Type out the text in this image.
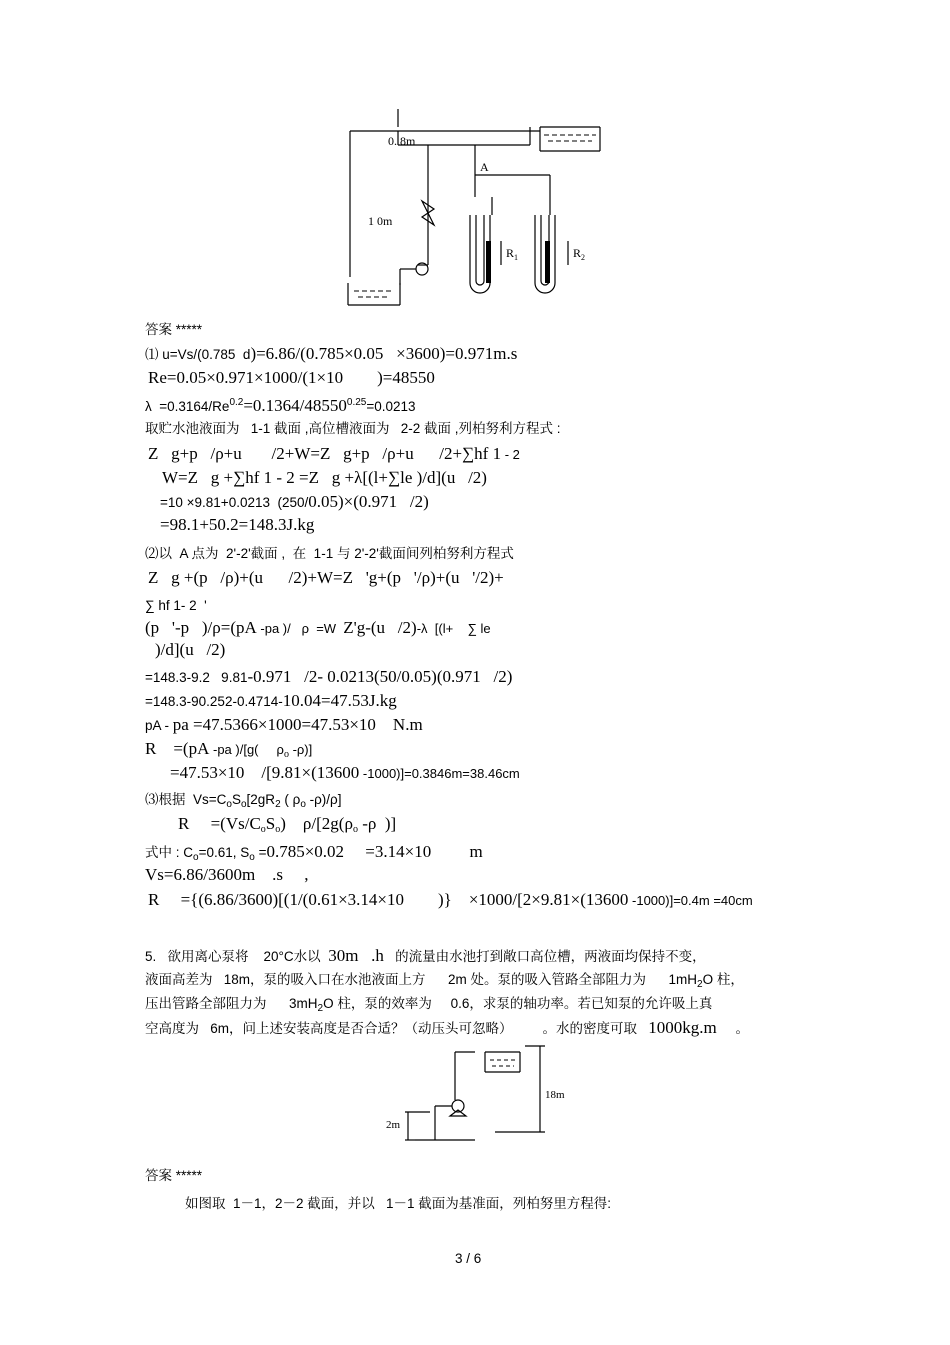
0. 8m
1 0m
A
$R_1$	$R_2$
答案 *****
⑴ u=Vs/(0.785  d)=6.86/(0.785×0.05   ×3600)=0.971m.s
Re=0.05×0.971×1000/(1×10        )=48550
$\lambda =0.3164/Re^{0.2}=0.1364/48550^{0.25}=0.0213$
取贮水池液面为   1-1 截面 ,高位槽液面为   2-2 截面 ,列柏努利方程式 :
Z   g+p   /ρ+u       /2+W=Z   g+p   /ρ+u      /2+∑hf 1 - 2
W=Z   g +∑hf 1 - 2 =Z   g +λ[(l+∑le )/d](u   /2)
=10 ×9.81+0.0213  (250/0.05)×(0.971   /2)
=98.1+50.2=148.3J.kg
⑵以  A 点为  2'-2'截面 ,  在  1-1 与 2'-2'截面间列柏努利方程式
Z   g +(p   /ρ)+(u      /2)+W=Z   'g+(p   '/ρ)+(u   '/2)+
∑ hf 1- 2  '
(p   '-p   )/ρ=(pA -pa )/   ρ  =W  Z'g-(u   /2)-λ  [(l+    ∑ le
)/d](u   /2)
=148.3-9.2   9.81-0.971   /2- 0.0213(50/0.05)(0.971   /2)
=148.3-90.252-0.4714-10.04=47.53J.kg
pA - pa =47.5366×1000=47.53×10    N.m
R    =(pA -pa )/[g(     $\rho_o$ -ρ)]
=47.53×10    /[9.81×(13600 -1000)]=0.3846m=38.46cm
⑶根据  $Vs=C_oS_o[2gR_2$ ( $\rho_o$ -ρ)/ρ]
R     $=(Vs/C_oS_o)$    $\rho/[2g(\rho_o$ -ρ  )]
式中 : $C_o=0.61$, $S_o =0.785\times 0.02$     =3.14×10         m
Vs=6.86/3600m    .s     ,
R     ={(6.86/3600)[(1/(0.61×3.14×10        )}    ×1000/[2×9.81×(13600 -1000)]=0.4m =40cm
5.   欲用离心泵将    20°C水以  30m   .h   的流量由水池打到敞口高位槽，两液面均保持不变，
液面高差为   18m，泵的吸入口在水池液面上方      2m 处。泵的吸入管路全部阻力为      $1mH_2O$ 柱，
压出管路全部阻力为      $3mH_2O$ 柱，泵的效率为     0.6，求泵的轴功率。若已知泵的允许吸上真
空高度为   6m，问上述安装高度是否合适？（动压头可忽略）        。水的密度可取   1000kg.m     。
18m
2m
答案 *****
如图取  1－1，2－2 截面，并以   1－1 截面为基准面，列柏努里方程得:
3 / 6
